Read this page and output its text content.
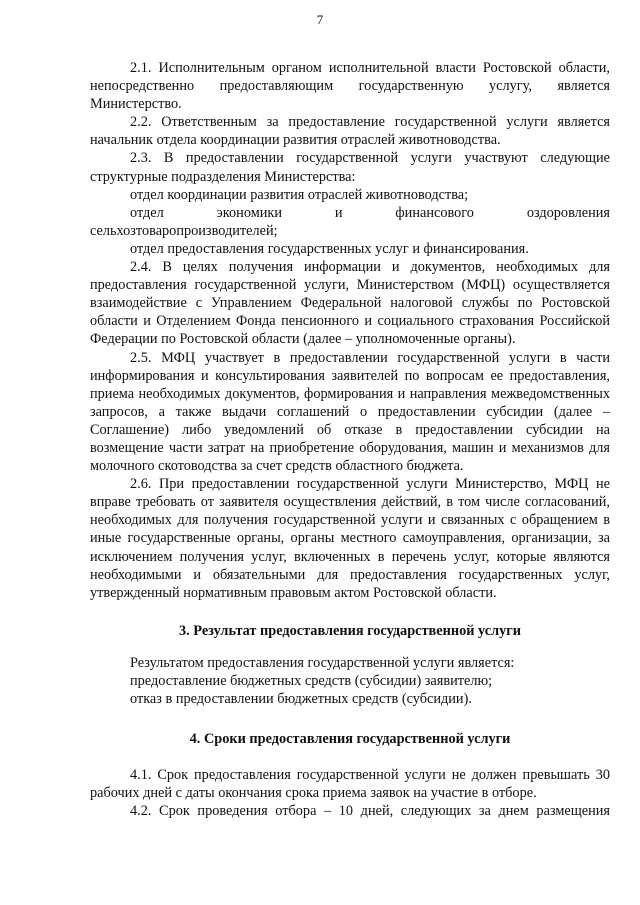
7

2.1. Исполнительным органом исполнительной власти Ростовской области, непосредственно предоставляющим государственную услугу, является Министерство.

2.2. Ответственным за предоставление государственной услуги является начальник отдела координации развития отраслей животноводства.

2.3. В предоставлении государственной услуги участвуют следующие структурные подразделения Министерства:

отдел координации развития отраслей животноводства;

отдел экономики и финансового оздоровления

сельхозтоваропроизводителей;

отдел предоставления государственных услуг и финансирования.

2.4. В целях получения информации и документов, необходимых для предоставления государственной услуги, Министерством (МФЦ) осуществляется взаимодействие с Управлением Федеральной налоговой службы по Ростовской области и Отделением Фонда пенсионного и социального страхования Российской Федерации по Ростовской области (далее – уполномоченные органы).

2.5. МФЦ участвует в предоставлении государственной услуги в части информирования и консультирования заявителей по вопросам ее предоставления, приема необходимых документов, формирования и направления межведомственных запросов, а также выдачи соглашений о предоставлении субсидии (далее – Соглашение) либо уведомлений об отказе в предоставлении субсидии на возмещение части затрат на приобретение оборудования, машин и механизмов для молочного скотоводства за счет средств областного бюджета.

2.6. При предоставлении государственной услуги Министерство, МФЦ не вправе требовать от заявителя осуществления действий, в том числе согласований, необходимых для получения государственной услуги и связанных с обращением в иные государственные органы, органы местного самоуправления, организации, за исключением получения услуг, включенных в перечень услуг, которые являются необходимыми и обязательными для предоставления государственных услуг, утвержденный нормативным правовым актом Ростовской области.

3. Результат предоставления государственной услуги

Результатом предоставления государственной услуги является:

предоставление бюджетных средств (субсидии) заявителю;

отказ в предоставлении бюджетных средств (субсидии).

4. Сроки предоставления государственной услуги

4.1. Срок предоставления государственной услуги не должен превышать 30 рабочих дней с даты окончания срока приема заявок на участие в отборе.

4.2. Срок проведения отбора – 10 дней, следующих за днем размещения
